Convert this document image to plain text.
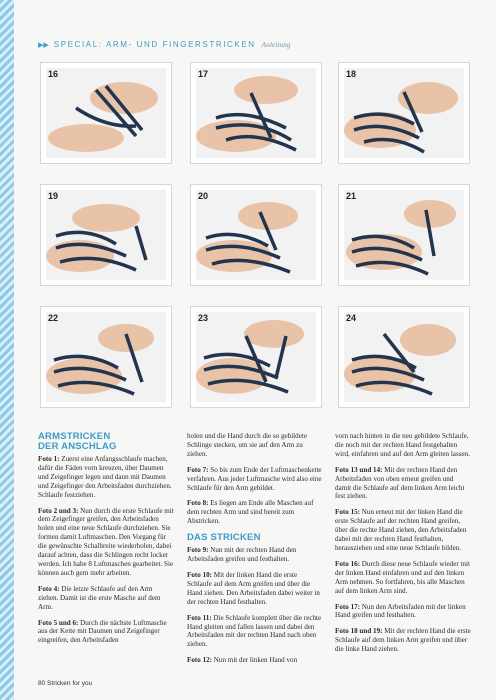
▶▶ SPECIAL: ARM- UND FINGERSTRICKEN Anleitung
16	17	18
19	20	21
22	23	24
ARMSTRICKEN
DER ANSCHLAG

Foto 1: Zuerst eine Anfangsschlaufe machen, dafür die Fäden vorn kreuzen, über Daumen und Zeigefinger legen und dann mit Daumen und Zeigefinger den Arbeitsfaden durchziehen. Schlaufe festziehen.

Foto 2 und 3: Nun durch die erste Schlaufe mit dem Zeigefinger greifen, den Arbeitsfaden holen und eine neue Schlaufe durchziehen. Sie formen damit Luftmaschen. Den Vorgang für die gewünschte Schalbreite wiederholen, dabei darauf achten, dass die Schlingen recht locker werden. Ich habe 8 Luftmaschen gearbeitet. Sie können auch gern mehr arbeiten.

Foto 4: Die letzte Schlaufe auf den Arm ziehen. Damit ist die erste Masche auf dem Arm.

Foto 5 und 6: Durch die nächste Luftmasche aus der Kette mit Daumen und Zeigefinger eingreifen, den Arbeitsfaden

holen und die Hand durch die so gebildete Schlinge stecken, um sie auf den Arm zu ziehen.

Foto 7: So bis zum Ende der Luftmaschenkette verfahren. Aus jeder Luftmasche wird also eine Schlaufe für den Arm gebildet.

Foto 8: Es liegen am Ende alle Maschen auf dem rechten Arm und sind bereit zum Abstricken.

DAS STRICKEN

Foto 9: Nun mit der rechten Hand den Arbeitsfaden greifen und festhalten.

Foto 10: Mit der linken Hand die erste Schlaufe auf dem Arm greifen und über die Hand ziehen. Den Arbeitsfaden dabei weiter in der rechten Hand festhalten.

Foto 11: Die Schlaufe komplett über die rechte Hand gleiten und fallen lassen und dabei den Arbeitsfaden mit der rechten Hand nach oben ziehen.

Foto 12: Nun mit der linken Hand von

vorn nach hinten in die neu gebildete Schlaufe, die noch mit der rechten Hand festgehalten wird, einfahren und auf den Arm gleiten lassen.

Foto 13 und 14: Mit der rechten Hand den Arbeitsfaden von oben erneut greifen und damit die Schlaufe auf dem linken Arm leicht fest ziehen.

Foto 15: Nun erneut mit der linken Hand die erste Schlaufe auf der rechten Hand greifen, über die rechte Hand ziehen, den Arbeitsfaden dabei mit der rechten Hand festhalten, herausziehen und eine neue Schlaufe bilden.

Foto 16: Durch diese neue Schlaufe wieder mit der linken Hand einfahren und auf den linken Arm nehmen. So fortfahren, bis alle Maschen auf dem linken Arm sind.

Foto 17: Nun den Arbeitsfaden mit der linken Hand greifen und festhalten.

Foto 18 und 19: Mit der rechten Hand die erste Schlaufe auf dem linken Arm greifen und über die linke Hand ziehen.

80 Stricken for you
